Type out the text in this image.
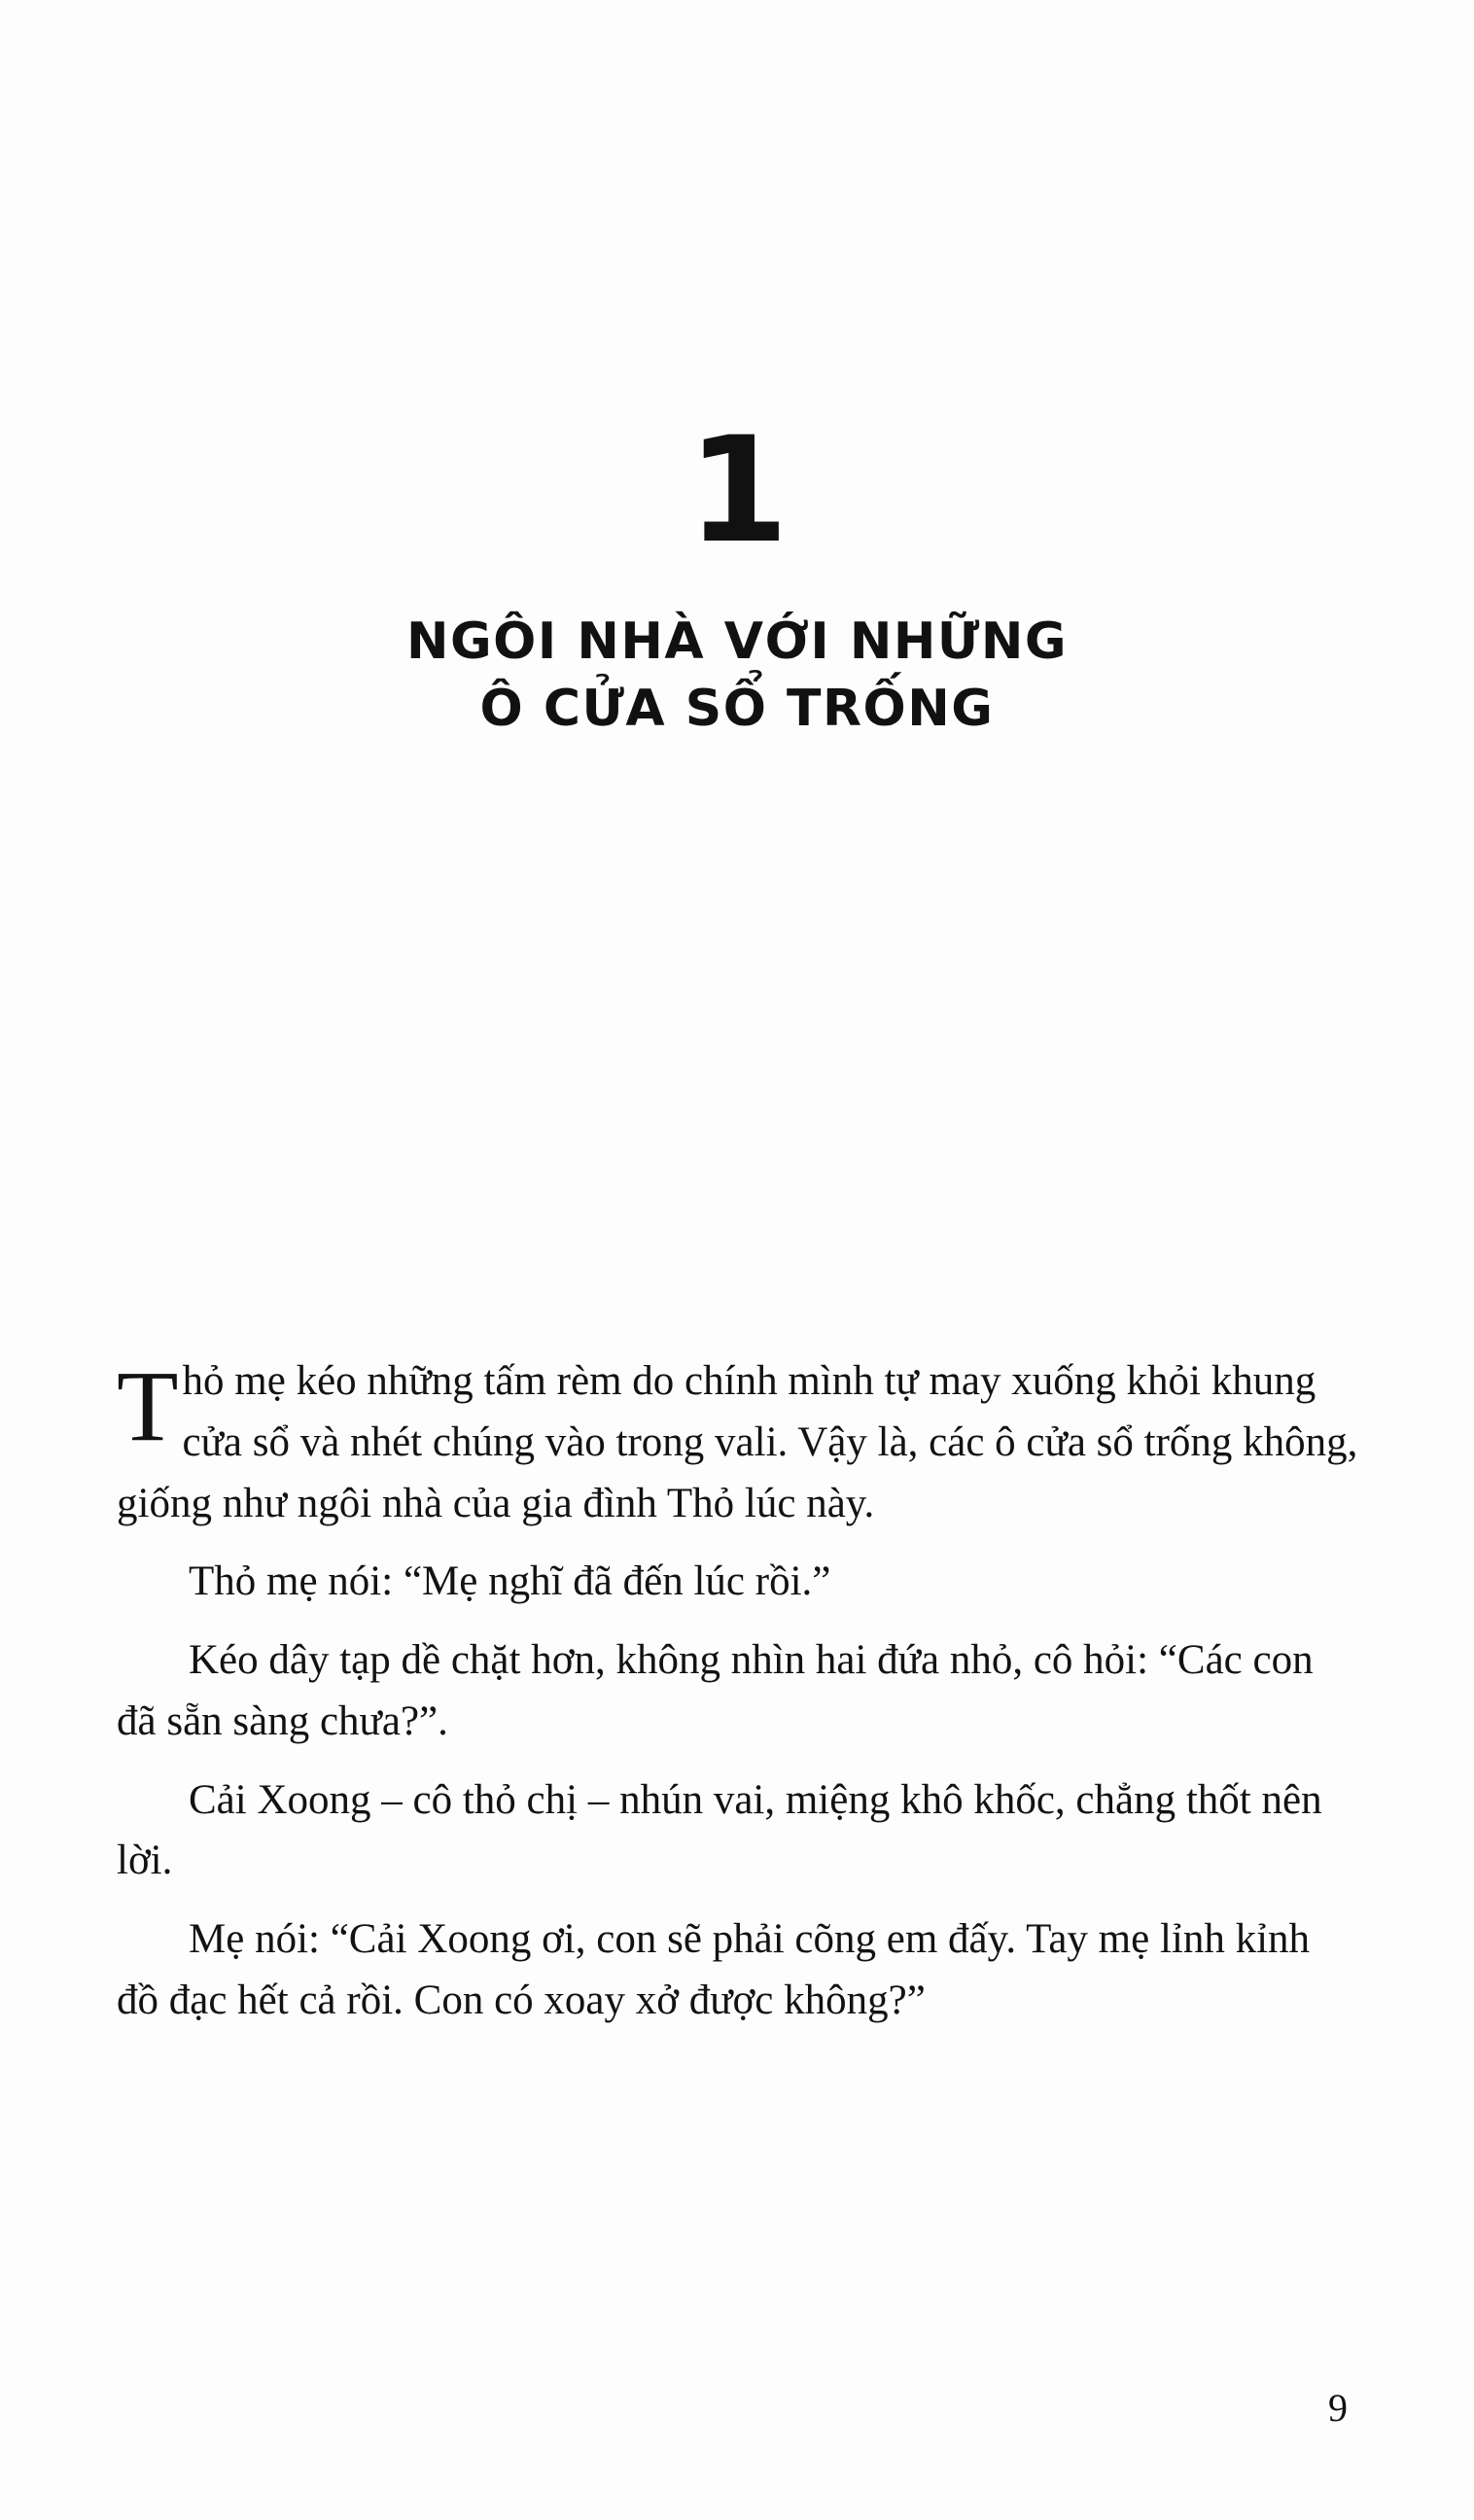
1
NGÔI NHÀ VỚI NHỮNG
Ô CỬA SỔ TRỐNG

Thỏ mẹ kéo những tấm rèm do chính mình tự may xuống khỏi khung cửa sổ và nhét chúng vào trong vali. Vậy là, các ô cửa sổ trống không, giống như ngôi nhà của gia đình Thỏ lúc này.

Thỏ mẹ nói: “Mẹ nghĩ đã đến lúc rồi.”

Kéo dây tạp dề chặt hơn, không nhìn hai đứa nhỏ, cô hỏi: “Các con đã sẵn sàng chưa?”.

Cải Xoong – cô thỏ chị – nhún vai, miệng khô khốc, chẳng thốt nên lời.

Mẹ nói: “Cải Xoong ơi, con sẽ phải cõng em đấy. Tay mẹ lỉnh kỉnh đồ đạc hết cả rồi. Con có xoay xở được không?”

9
